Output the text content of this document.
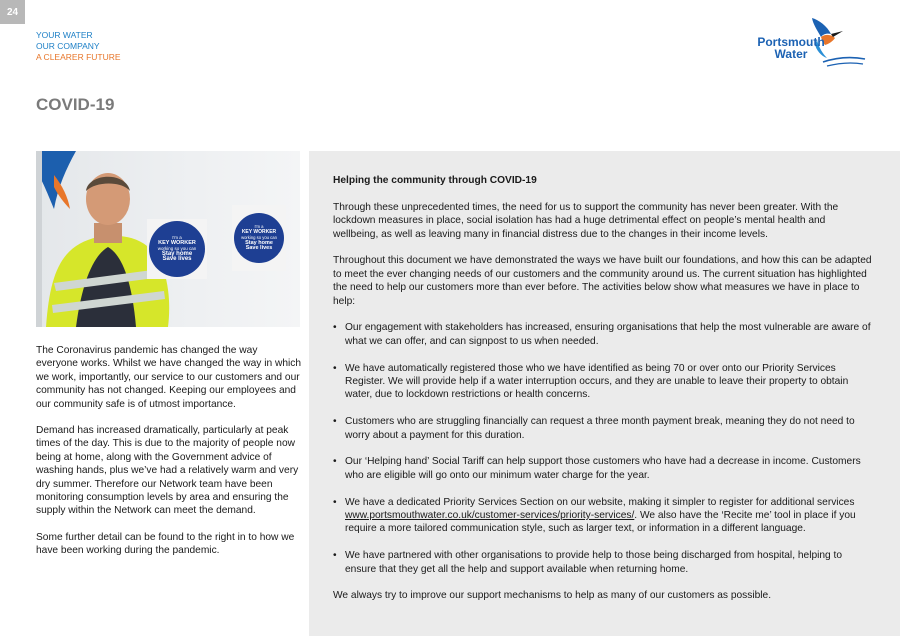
24
YOUR WATER
OUR COMPANY
A CLEARER FUTURE
Portsmouth
Water
COVID-19
I'm a
KEY WORKER
working so you can
Stay home
Save lives
I'm a
KEY WORKER
working so you can
Stay home
Save lives

The Coronavirus pandemic has changed the way everyone works. Whilst we have changed the way in which we work, importantly, our service to our customers and our community has not changed. Keeping our employees and our community safe is of utmost importance.

Demand has increased dramatically, particularly at peak times of the day. This is due to the majority of people now being at home, along with the Government advice of washing hands, plus we’ve had a relatively warm and very dry summer. Therefore our Network team have been monitoring consumption levels by area and ensuring the supply within the Network can meet the demand.

Some further detail can be found to the right in to how we have been working during the pandemic.

Helping the community through COVID-19

Through these unprecedented times, the need for us to support the community has never been greater. With the lockdown measures in place, social isolation has had a huge detrimental effect on people’s mental health and wellbeing, as well as leaving many in financial distress due to the changes in their income levels.

Throughout this document we have demonstrated the ways we have built our foundations, and how this can be adapted to meet the ever changing needs of our customers and the community around us. The current situation has highlighted the need to help our customers more than ever before. The activities below show what measures we have in place to help:

• Our engagement with stakeholders has increased, ensuring organisations that help the most vulnerable are aware of what we can offer, and can signpost to us when needed.
• We have automatically registered those who we have identified as being 70 or over onto our Priority Services Register. We will provide help if a water interruption occurs, and they are unable to leave their property to obtain water, due to lockdown restrictions or health concerns.
• Customers who are struggling financially can request a three month payment break, meaning they do not need to worry about a payment for this duration.
• Our ‘Helping hand’ Social Tariff can help support those customers who have had a decrease in income. Customers who are eligible will go onto our minimum water charge for the year.
• We have a dedicated Priority Services Section on our website, making it simpler to register for additional services www.portsmouthwater.co.uk/customer-services/priority-services/. We also have the ‘Recite me’ tool in place if you require a more tailored communication style, such as larger text, or information in a different language.
• We have partnered with other organisations to provide help to those being discharged from hospital, helping to ensure that they get all the help and support available when returning home.

We always try to improve our support mechanisms to help as many of our customers as possible.
